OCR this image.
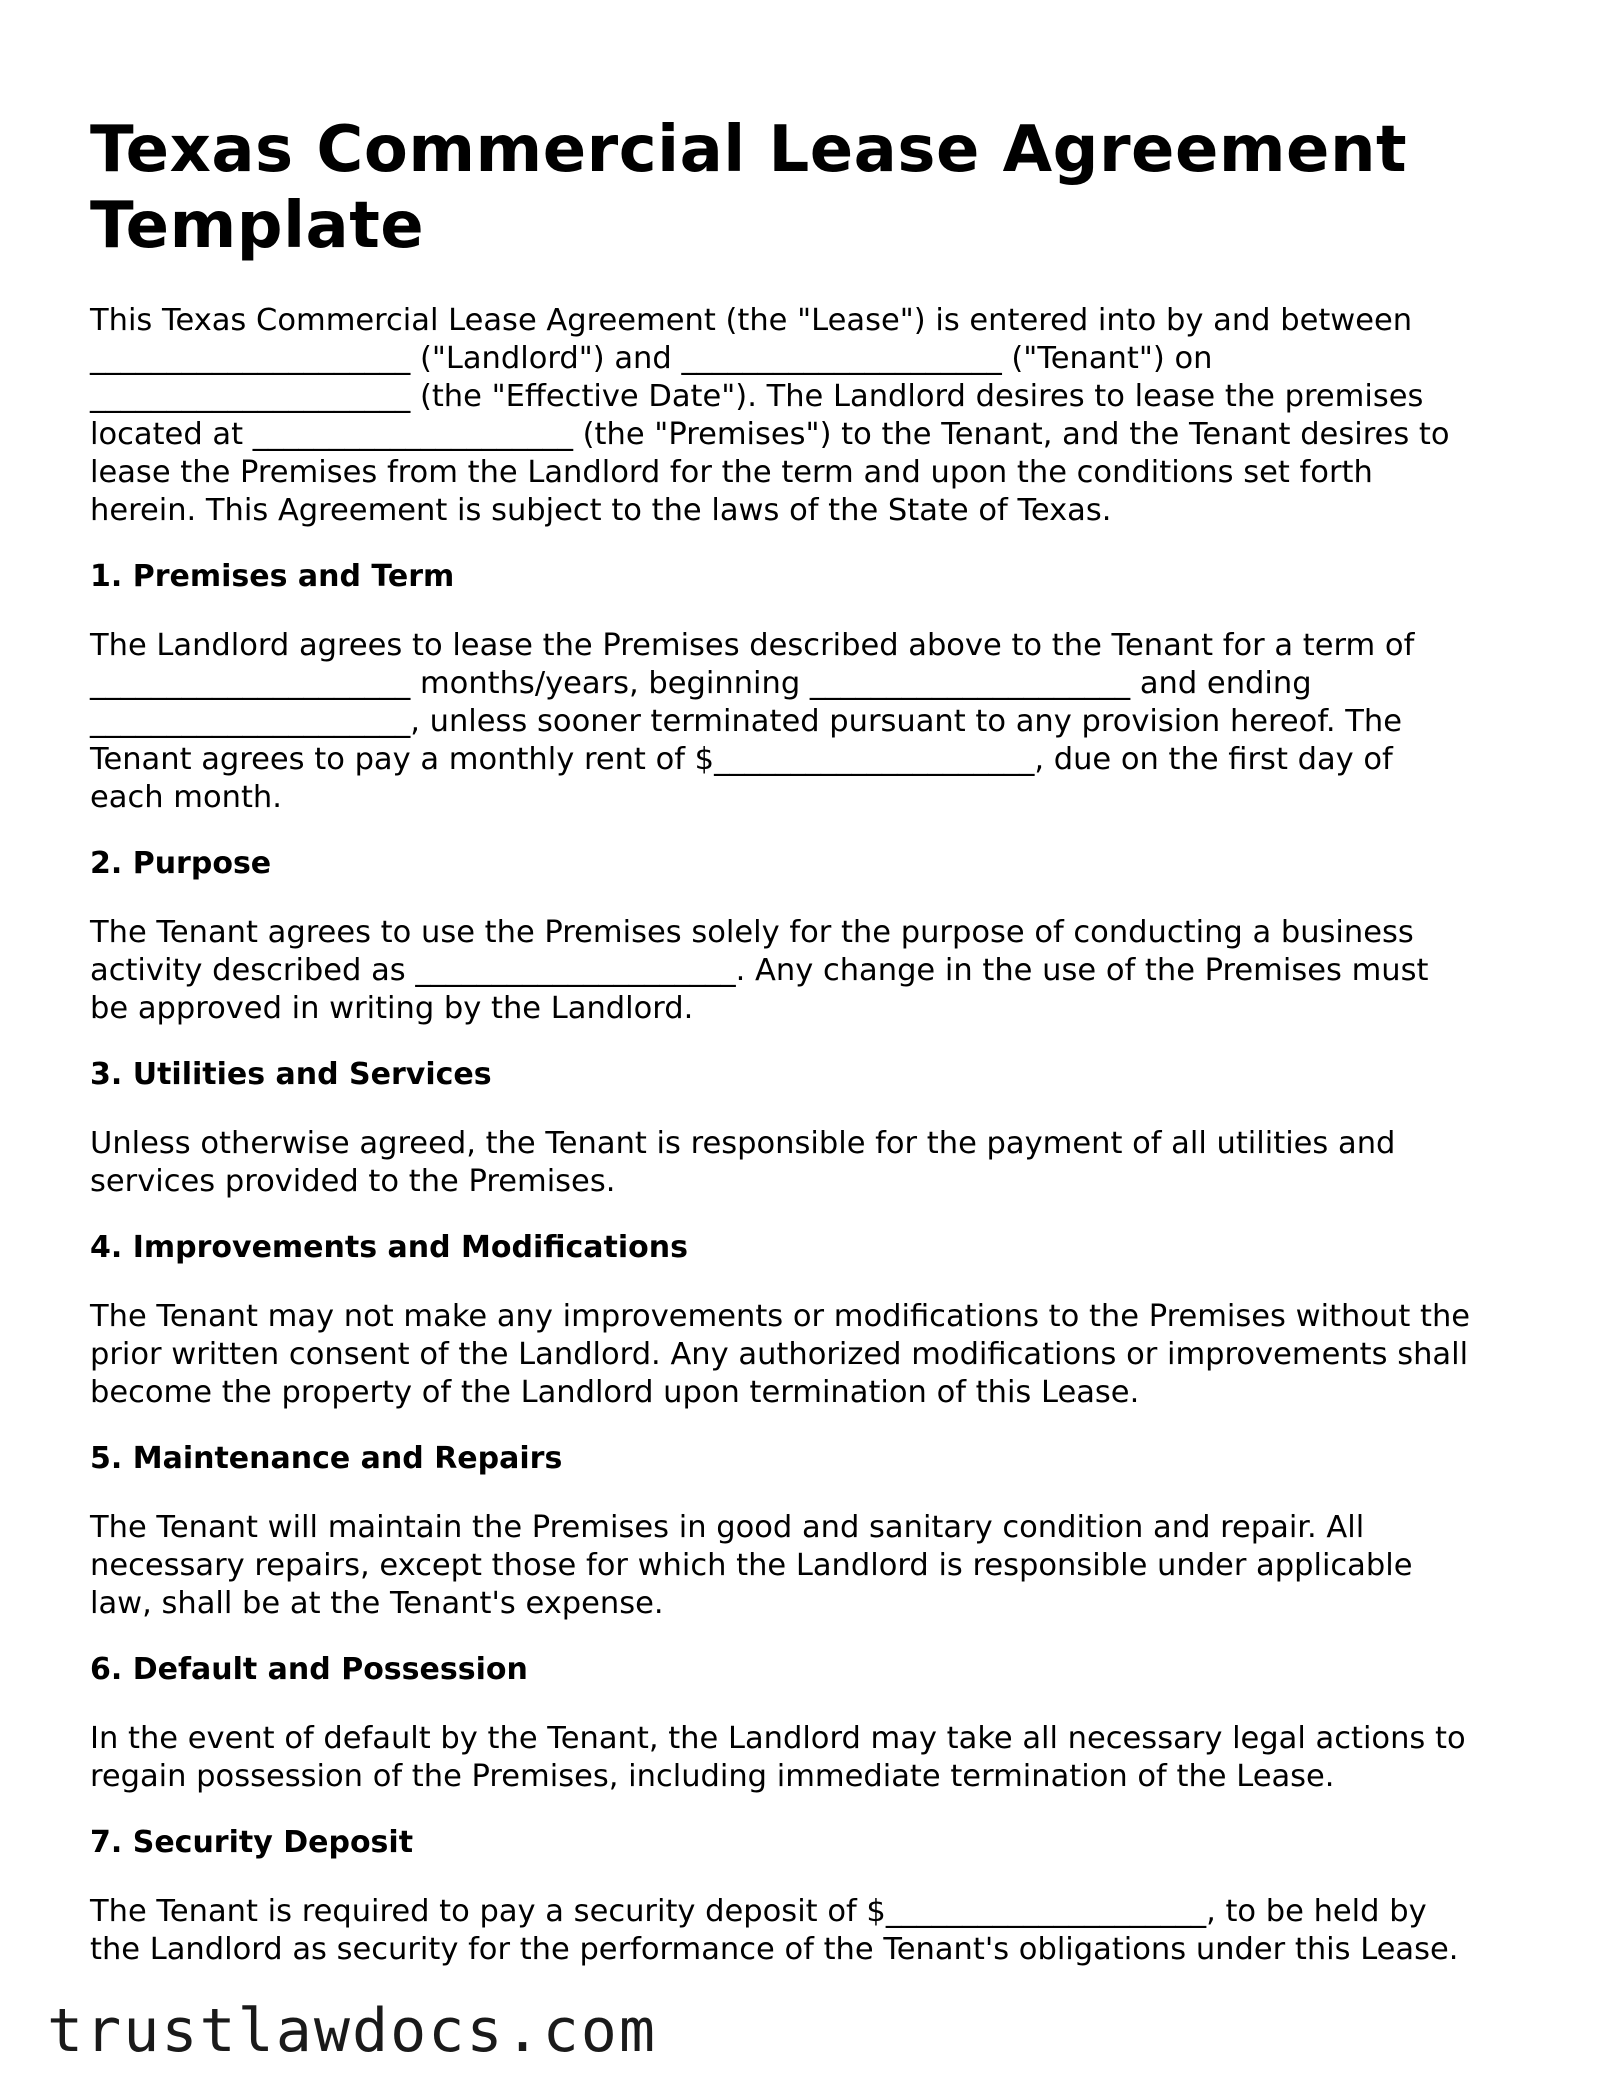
Texas Commercial Lease Agreement
Template

This Texas Commercial Lease Agreement (the "Lease") is entered into by and between
_____________________ ("Landlord") and _____________________ ("Tenant") on
_____________________ (the "Effective Date"). The Landlord desires to lease the premises
located at _____________________ (the "Premises") to the Tenant, and the Tenant desires to
lease the Premises from the Landlord for the term and upon the conditions set forth
herein. This Agreement is subject to the laws of the State of Texas.

1. Premises and Term

The Landlord agrees to lease the Premises described above to the Tenant for a term of
_____________________ months/years, beginning _____________________ and ending
_____________________, unless sooner terminated pursuant to any provision hereof. The
Tenant agrees to pay a monthly rent of $_____________________, due on the first day of
each month.

2. Purpose

The Tenant agrees to use the Premises solely for the purpose of conducting a business
activity described as _____________________. Any change in the use of the Premises must
be approved in writing by the Landlord.

3. Utilities and Services

Unless otherwise agreed, the Tenant is responsible for the payment of all utilities and
services provided to the Premises.

4. Improvements and Modifications

The Tenant may not make any improvements or modifications to the Premises without the
prior written consent of the Landlord. Any authorized modifications or improvements shall
become the property of the Landlord upon termination of this Lease.

5. Maintenance and Repairs

The Tenant will maintain the Premises in good and sanitary condition and repair. All
necessary repairs, except those for which the Landlord is responsible under applicable
law, shall be at the Tenant's expense.

6. Default and Possession

In the event of default by the Tenant, the Landlord may take all necessary legal actions to
regain possession of the Premises, including immediate termination of the Lease.

7. Security Deposit

The Tenant is required to pay a security deposit of $_____________________, to be held by
the Landlord as security for the performance of the Tenant's obligations under this Lease.

trustlawdocs.com
